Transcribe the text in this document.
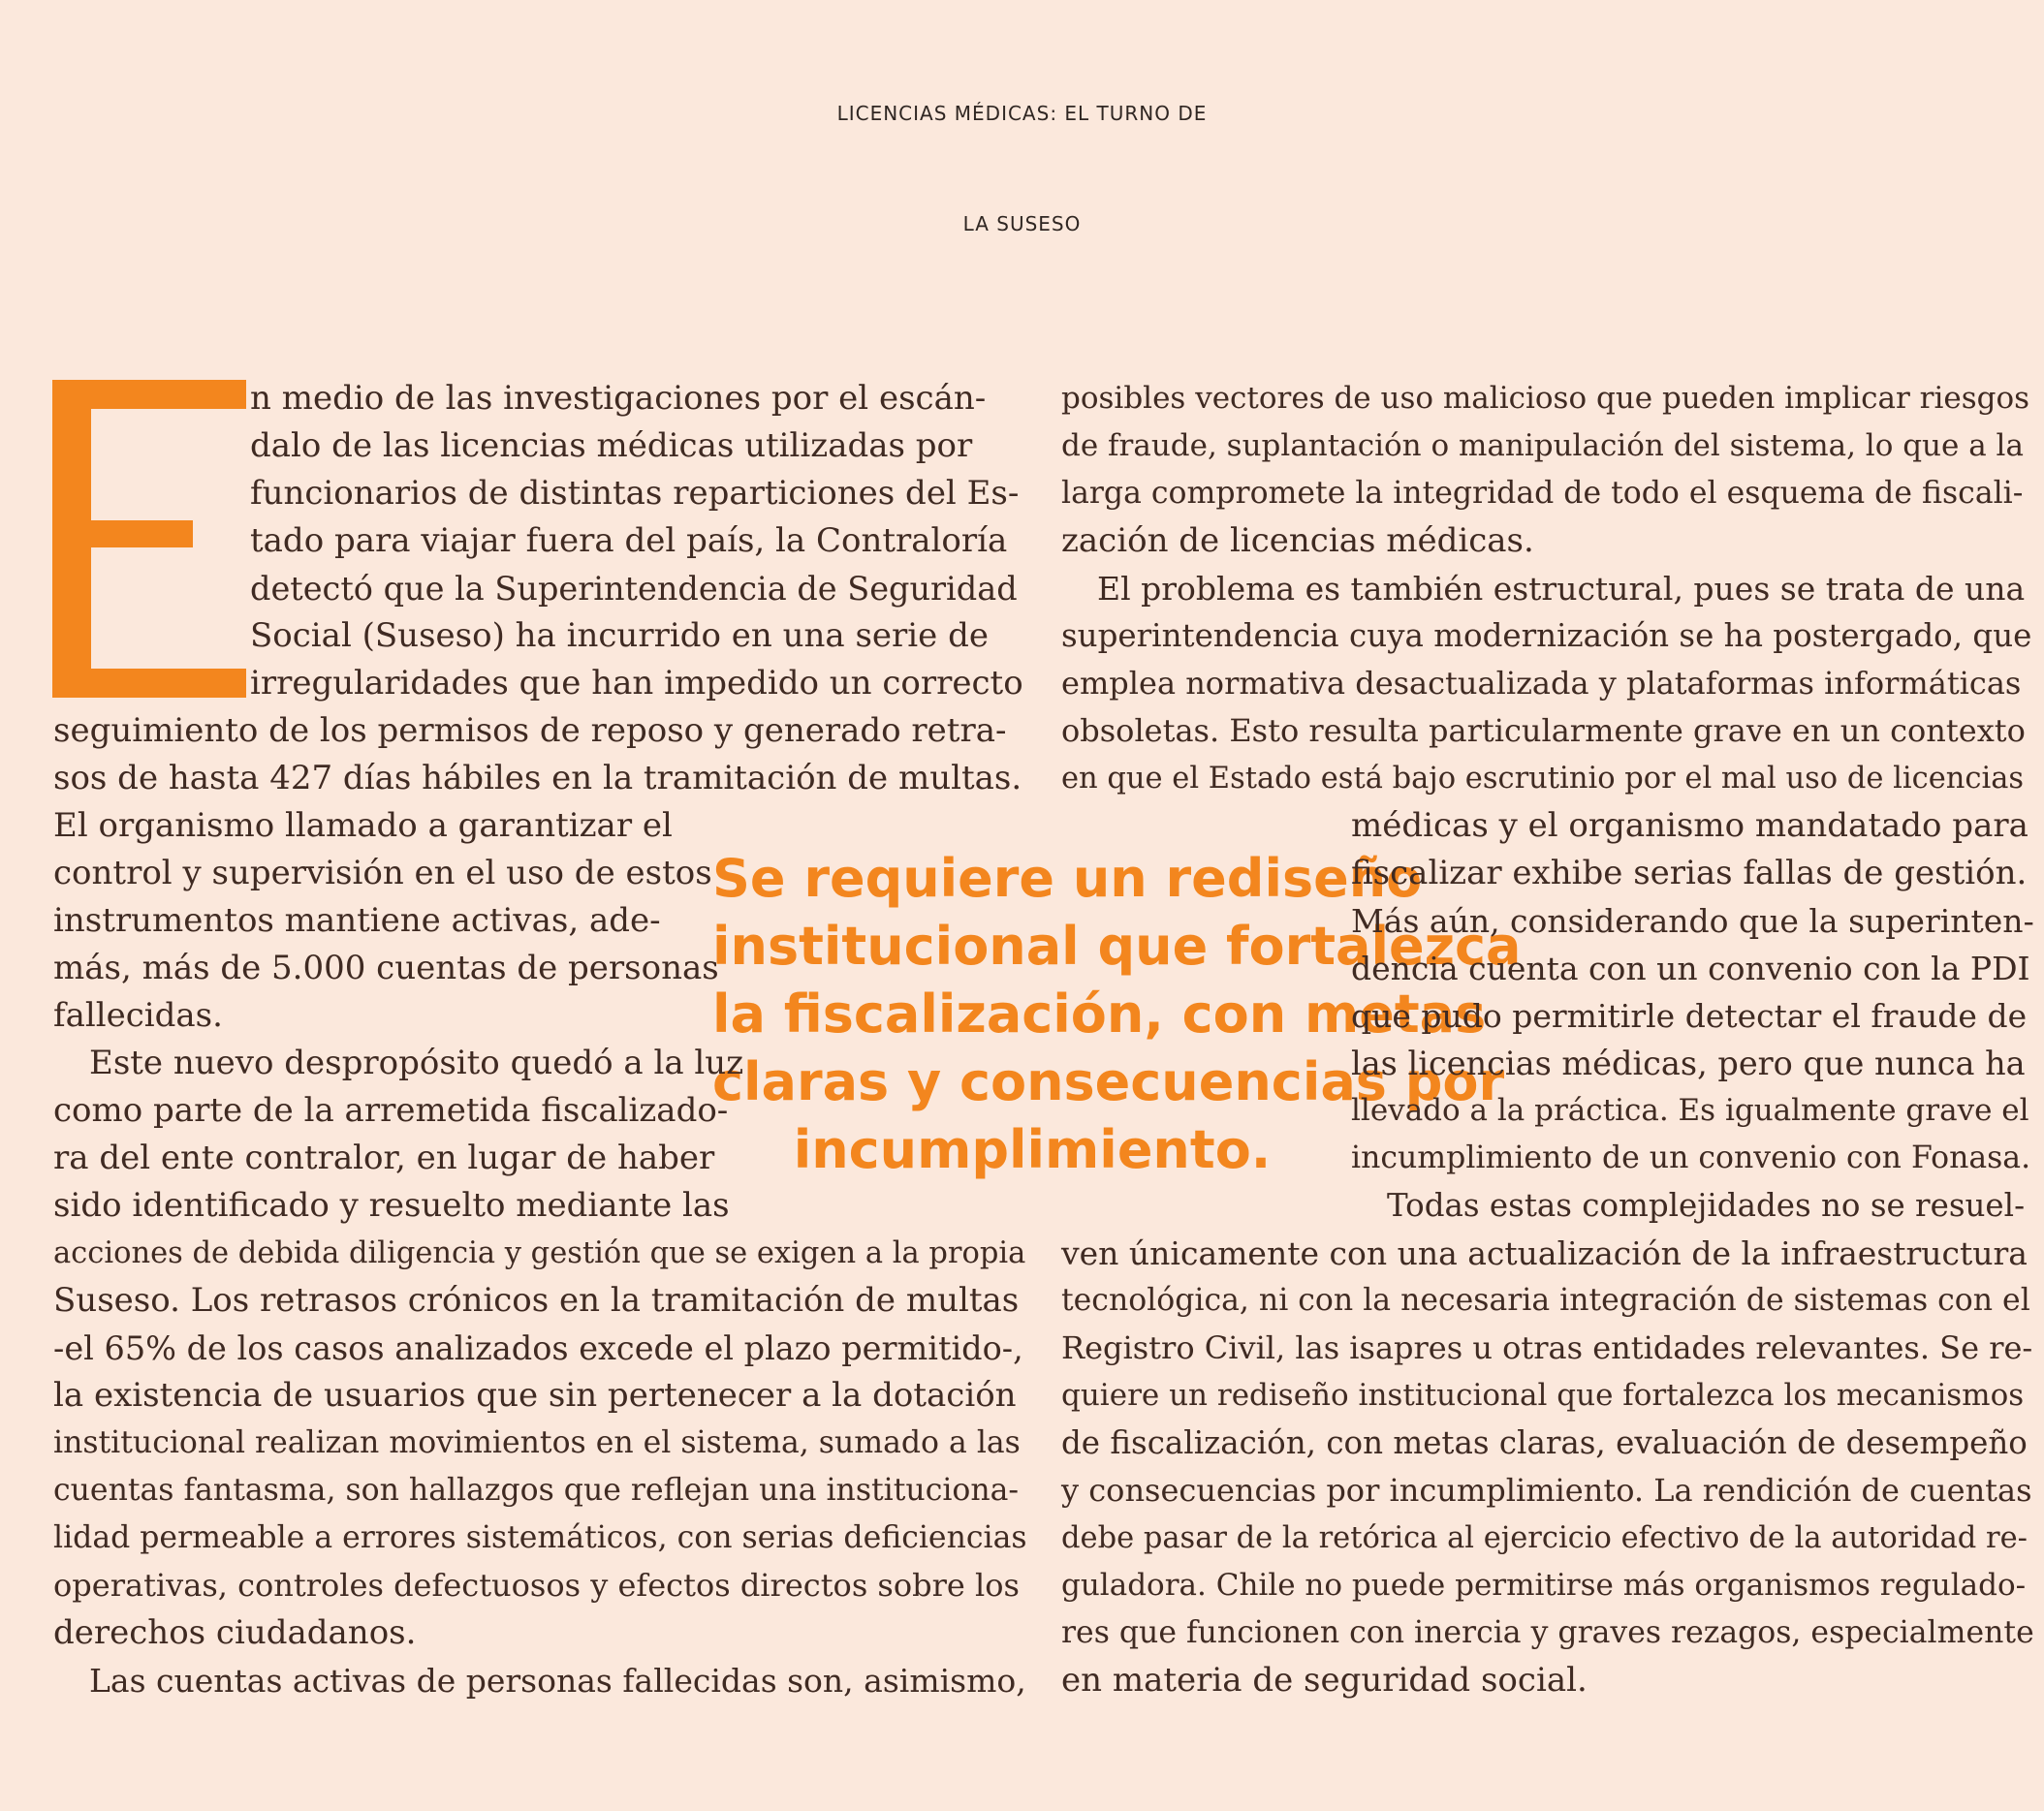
LICENCIAS MÉDICAS: EL TURNO DE
LA SUSESO
Se requiere un rediseño
institucional que fortalezca
la fiscalización, con metas
claras y consecuencias por
incumplimiento.
n medio de las investigaciones por el escán-
dalo de las licencias médicas utilizadas por
funcionarios de distintas reparticiones del Es-
tado para viajar fuera del país, la Contraloría
detectó que la Superintendencia de Seguridad
Social (Suseso) ha incurrido en una serie de
irregularidades que han impedido un correcto
seguimiento de los permisos de reposo y generado retra-
sos de hasta 427 días hábiles en la tramitación de multas.
El organismo llamado a garantizar el
control y supervisión en el uso de estos
instrumentos mantiene activas, ade-
más, más de 5.000 cuentas de personas
fallecidas.
Este nuevo despropósito quedó a la luz
como parte de la arremetida fiscalizado-
ra del ente contralor, en lugar de haber
sido identificado y resuelto mediante las
acciones de debida diligencia y gestión que se exigen a la propia
Suseso. Los retrasos crónicos en la tramitación de multas
-el 65% de los casos analizados excede el plazo permitido-,
la existencia de usuarios que sin pertenecer a la dotación
institucional realizan movimientos en el sistema, sumado a las
cuentas fantasma, son hallazgos que reflejan una instituciona-
lidad permeable a errores sistemáticos, con serias deficiencias
operativas, controles defectuosos y efectos directos sobre los
derechos ciudadanos.
Las cuentas activas de personas fallecidas son, asimismo,
posibles vectores de uso malicioso que pueden implicar riesgos
de fraude, suplantación o manipulación del sistema, lo que a la
larga compromete la integridad de todo el esquema de fiscali-
zación de licencias médicas.
El problema es también estructural, pues se trata de una
superintendencia cuya modernización se ha postergado, que
emplea normativa desactualizada y plataformas informáticas
obsoletas. Esto resulta particularmente grave en un contexto
en que el Estado está bajo escrutinio por el mal uso de licencias
médicas y el organismo mandatado para
fiscalizar exhibe serias fallas de gestión.
Más aún, considerando que la superinten-
dencia cuenta con un convenio con la PDI
que pudo permitirle detectar el fraude de
las licencias médicas, pero que nunca ha
llevado a la práctica. Es igualmente grave el
incumplimiento de un convenio con Fonasa.
Todas estas complejidades no se resuel-
ven únicamente con una actualización de la infraestructura
tecnológica, ni con la necesaria integración de sistemas con el
Registro Civil, las isapres u otras entidades relevantes. Se re-
quiere un rediseño institucional que fortalezca los mecanismos
de fiscalización, con metas claras, evaluación de desempeño
y consecuencias por incumplimiento. La rendición de cuentas
debe pasar de la retórica al ejercicio efectivo de la autoridad re-
guladora. Chile no puede permitirse más organismos regulado-
res que funcionen con inercia y graves rezagos, especialmente
en materia de seguridad social.
